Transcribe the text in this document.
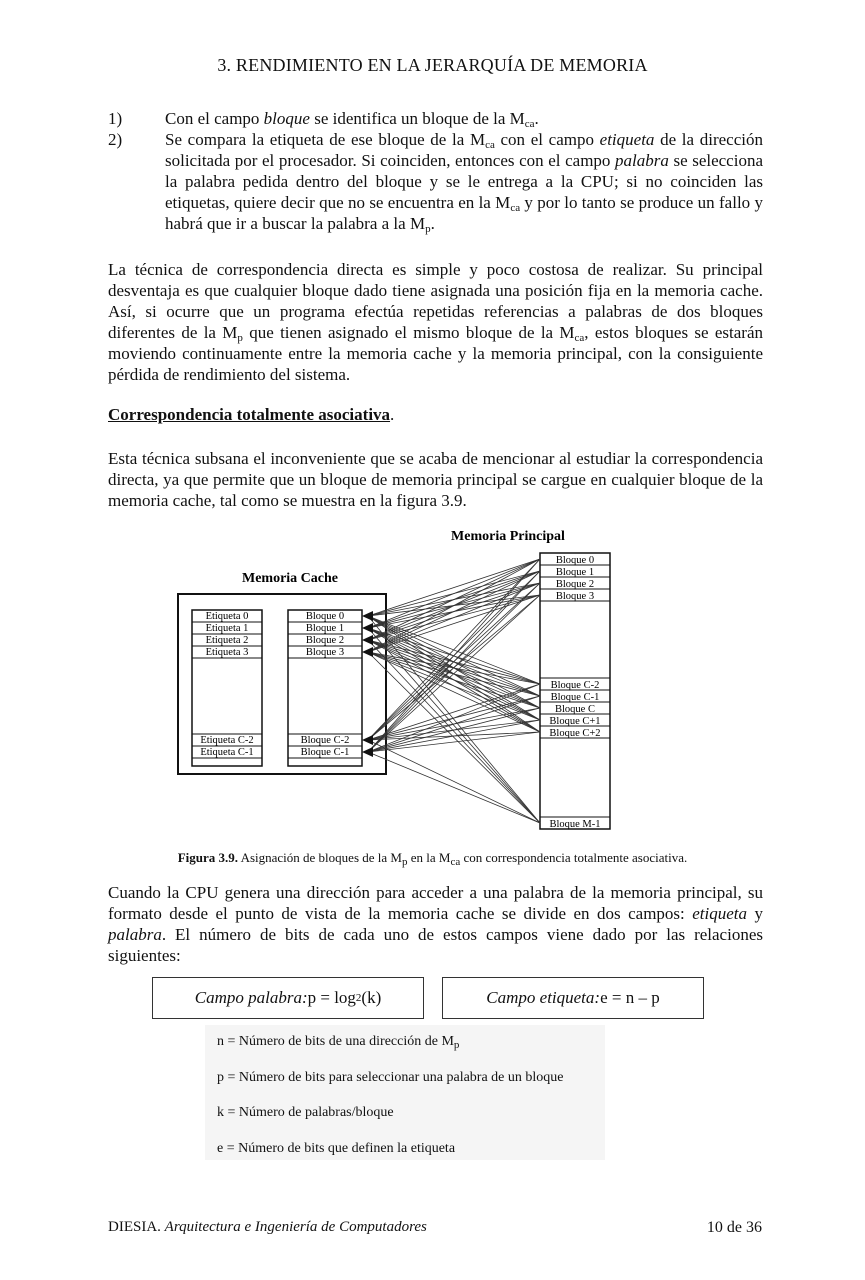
3. RENDIMIENTO EN LA JERARQUÍA DE MEMORIA
1)	Con el campo bloque se identifica un bloque de la $M_{ca}$.
2)	Se compara la etiqueta de ese bloque de la $M_{ca}$ con el campo etiqueta de la dirección solicitada por el procesador. Si coinciden, entonces con el campo palabra se selecciona la palabra pedida dentro del bloque y se le entrega a la CPU; si no coinciden las etiquetas, quiere decir que no se encuentra en la $M_{ca}$ y por lo tanto se produce un fallo y habrá que ir a buscar la palabra a la $M_p$.
La técnica de correspondencia directa es simple y poco costosa de realizar. Su principal desventaja es que cualquier bloque dado tiene asignada una posición fija en la memoria cache. Así, si ocurre que un programa efectúa repetidas referencias a palabras de dos bloques diferentes de la $M_p$ que tienen asignado el mismo bloque de la $M_{ca}$, estos bloques se estarán moviendo continuamente entre la memoria cache y la memoria principal, con la consiguiente pérdida de rendimiento del sistema.
Correspondencia totalmente asociativa.
Esta técnica subsana el inconveniente que se acaba de mencionar al estudiar la correspondencia directa, ya que permite que un bloque de memoria principal se cargue en cualquier bloque de la memoria cache, tal como se muestra en la figura 3.9.
Memoria Principal
Memoria Cache
Etiqueta 0
Etiqueta 1
Etiqueta 2
Etiqueta 3
Etiqueta C-2
Etiqueta C-1
Bloque 0
Bloque 1
Bloque 2
Bloque 3
Bloque C-2
Bloque C-1
Bloque 0
Bloque 1
Bloque 2
Bloque 3
Bloque C-2
Bloque C-1
Bloque C
Bloque C+1
Bloque C+2
Bloque M-1
Figura 3.9. Asignación de bloques de la $M_p$ en la $M_{ca}$ con correspondencia totalmente asociativa.
Cuando la CPU genera una dirección para acceder a una palabra de la memoria principal, su formato desde el punto de vista de la memoria cache se divide en dos campos: etiqueta y palabra. El número de bits de cada uno de estos campos viene dado por las relaciones siguientes:
Campo palabra: p = log 2 (k)	Campo etiqueta: e = n – p
n = Número de bits de una dirección de $M_p$
p = Número de bits para seleccionar una palabra de un bloque
k = Número de palabras/bloque
e = Número de bits que definen la etiqueta
DIESIA. Arquitectura e Ingeniería de Computadores	10 de 36
